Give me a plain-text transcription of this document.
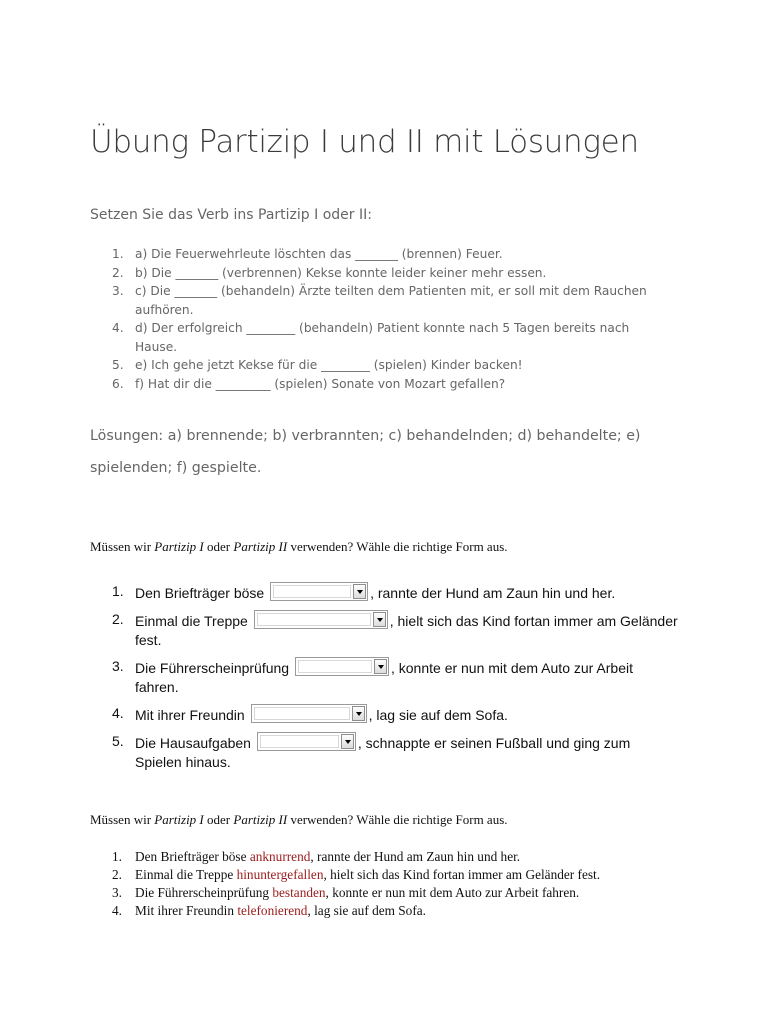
Übung Partizip I und II mit Lösungen

Setzen Sie das Verb ins Partizip I oder II:

1. a) Die Feuerwehrleute löschten das _______ (brennen) Feuer.
2. b) Die _______ (verbrennen) Kekse konnte leider keiner mehr essen.
3. c) Die _______ (behandeln) Ärzte teilten dem Patienten mit, er soll mit dem Rauchen aufhören.
4. d) Der erfolgreich ________ (behandeln) Patient konnte nach 5 Tagen bereits nach Hause.
5. e) Ich gehe jetzt Kekse für die ________ (spielen) Kinder backen!
6. f) Hat dir die _________ (spielen) Sonate von Mozart gefallen?

Lösungen: a) brennende; b) verbrannten; c) behandelnden; d) behandelte; e) spielenden; f) gespielte.

Müssen wir Partizip I oder Partizip II verwenden? Wähle die richtige Form aus.

1. Den Briefträger böse	, rannte der Hund am Zaun hin und her.
2. Einmal die Treppe	, hielt sich das Kind fortan immer am Geländer fest.
3. Die Führerscheinprüfung	, konnte er nun mit dem Auto zur Arbeit fahren.
4. Mit ihrer Freundin	, lag sie auf dem Sofa.
5. Die Hausaufgaben	, schnappte er seinen Fußball und ging zum Spielen hinaus.

Müssen wir Partizip I oder Partizip II verwenden? Wähle die richtige Form aus.

1. Den Briefträger böse anknurrend, rannte der Hund am Zaun hin und her.
2. Einmal die Treppe hinuntergefallen, hielt sich das Kind fortan immer am Geländer fest.
3. Die Führerscheinprüfung bestanden, konnte er nun mit dem Auto zur Arbeit fahren.
4. Mit ihrer Freundin telefonierend, lag sie auf dem Sofa.
